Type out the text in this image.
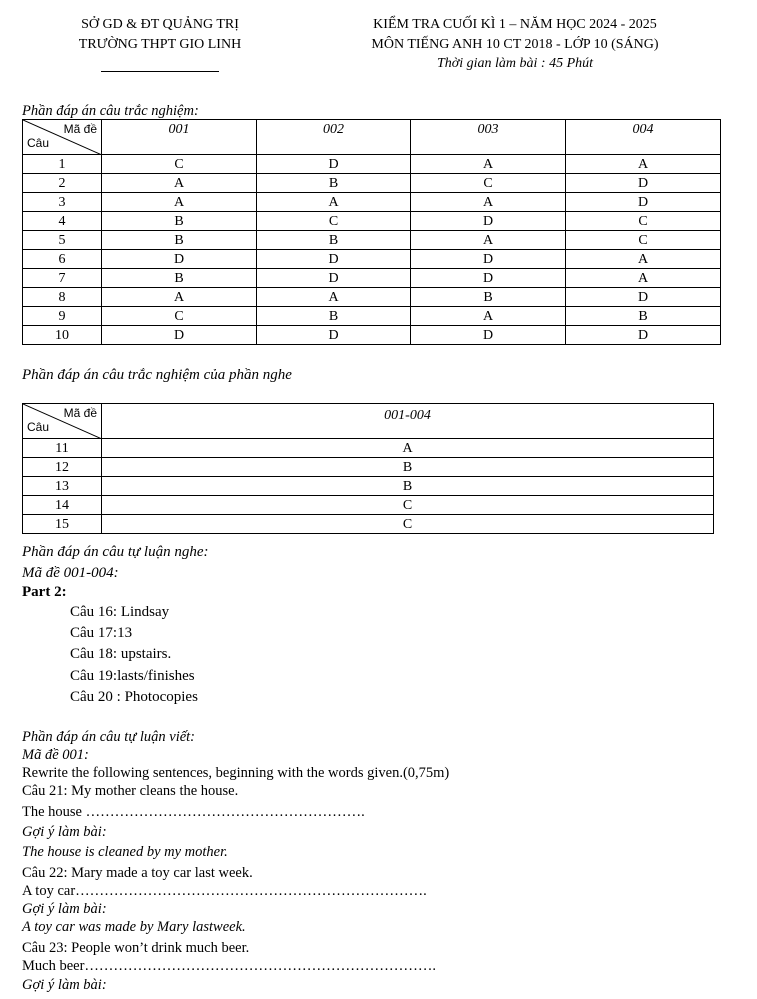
SỞ GD & ĐT QUẢNG TRỊ
TRƯỜNG THPT GIO LINH
KIỂM TRA CUỐI KÌ 1 – NĂM HỌC 2024 - 2025
MÔN TIẾNG ANH 10 CT 2018 - LỚP 10 (SÁNG)
Thời gian làm bài : 45 Phút
Phần đáp án câu trắc nghiệm:
Mã đề
Câu	001	002	003	004
1	C	D	A	A
2	A	B	C	D
3	A	A	A	D
4	B	C	D	C
5	B	B	A	C
6	D	D	D	A
7	B	D	D	A
8	A	A	B	D
9	C	B	A	B
10	D	D	D	D
Phần đáp án câu trắc nghiệm của phần nghe
Mã đề
Câu	001-004
11	A
12	B
13	B
14	C
15	C
Phần đáp án câu tự luận nghe:
Mã đề 001-004:
Part 2:
Câu 16: Lindsay
Câu 17:13
Câu 18: upstairs.
Câu 19:lasts/finishes
Câu 20 : Photocopies
Phần đáp án câu tự luận viết:
Mã đề 001:
Rewrite the following sentences, beginning with the words given.(0,75m)
Câu 21: My mother cleans the house.
The house ………………………………………………….
Gợi ý làm bài:
The house is cleaned by my mother.
Câu 22: Mary made a toy car last week.
A toy car……………………………………………………………….
Gợi ý làm bài:
A toy car was made by Mary lastweek.
Câu 23: People won’t drink much beer.
Much beer……………………………………………………………….
Gợi ý làm bài:
